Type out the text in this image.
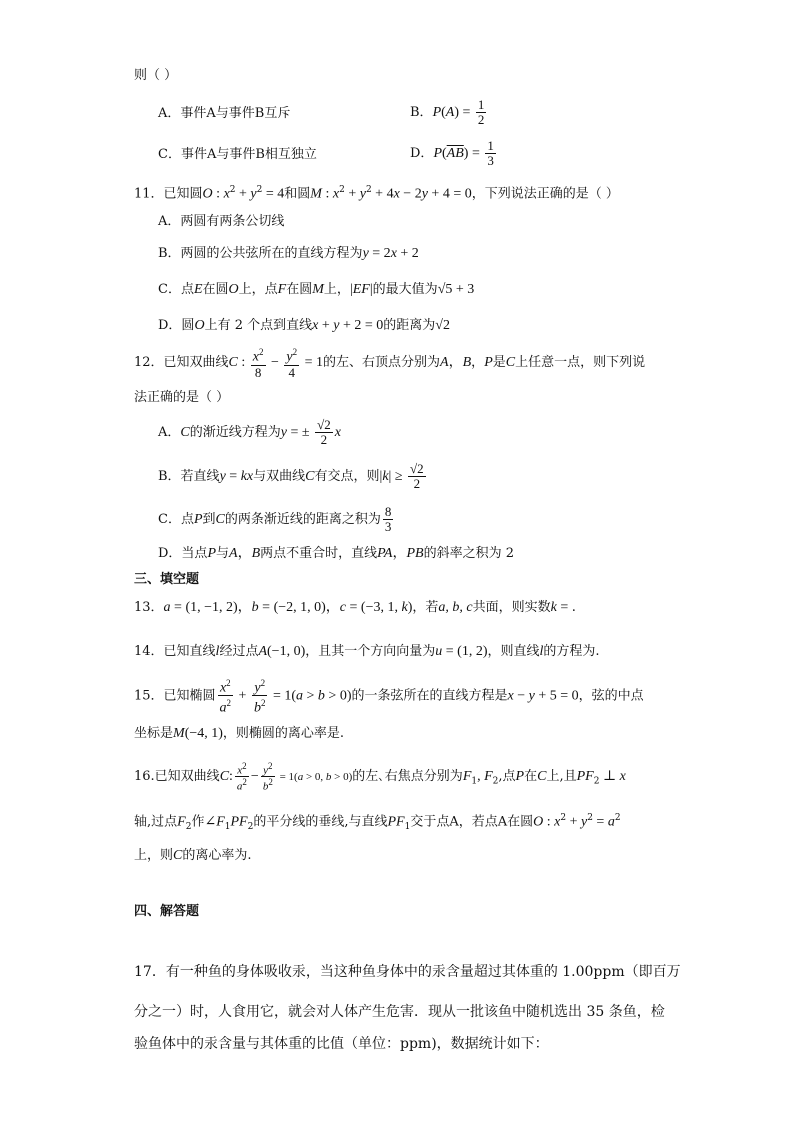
则（ ）
A．事件A与事件B互斥	B．$P(A) = \frac{1}{2}$
C．事件A与事件B相互独立	D．$P(\overline{AB}) = \frac{1}{3}$
11．已知圆O : $x^2 + y^2 = 4$和圆M : $x^2 + y^2 + 4x - 2y + 4 = 0$，下列说法正确的是（ ）
A．两圆有两条公切线
B．两圆的公共弦所在的直线方程为y = 2x + 2
C．点E在圆O上，点F在圆M上，|EF|的最大值为√5 + 3
D．圆O上有 2 个点到直线x + y + 2 = 0的距离为√2
12．已知双曲线C : $\frac{x^2}{8} - \frac{y^2}{4} = 1$的左、右顶点分别为A，B，P是C上任意一点，则下列说
法正确的是（ ）
A．C的渐近线方程为y = ± $\frac{√2}{2}$ x
B．若直线y = kx与双曲线C有交点，则$|k| \ge \frac{√2}{2}$
C．点P到C的两条渐近线的距离之积为 $\frac{8}{3}$
D．当点P与A，B两点不重合时，直线PA，PB的斜率之积为 2
三、填空题
13．a = (1, −1, 2)，b = (−2, 1, 0)，c = (−3, 1, k)，若a, b, c共面，则实数k = .
14．已知直线l经过点A(−1, 0)，且其一个方向向量为u = (1, 2)，则直线l的方程为.
15．已知椭圆 $\frac{x^2}{a^2} + \frac{y^2}{b^2} = 1(a > b > 0)$的一条弦所在的直线方程是x − y + 5 = 0，弦的中点
坐标是M(−4, 1)，则椭圆的离心率是.
16.已知双曲线C: $\frac{x^2}{a^2} - \frac{y^2}{b^2} = 1(a > 0$, b > 0)的左､右焦点分别为$F_1$, $F_2$,点P在C上,且$PF_2$ ⊥ x
轴,过点$F_2$作$\angle F_1PF_2$的平分线的垂线,与直线$PF_1$交于点A，若点A在圆O : $x^2 + y^2 = a^2$
上，则C的离心率为.
四、解答题
17．有一种鱼的身体吸收汞，当这种鱼身体中的汞含量超过其体重的 1.00ppm（即百万
分之一）时，人食用它，就会对人体产生危害．现从一批该鱼中随机选出 35 条鱼，检
验鱼体中的汞含量与其体重的比值（单位：ppm)，数据统计如下：
